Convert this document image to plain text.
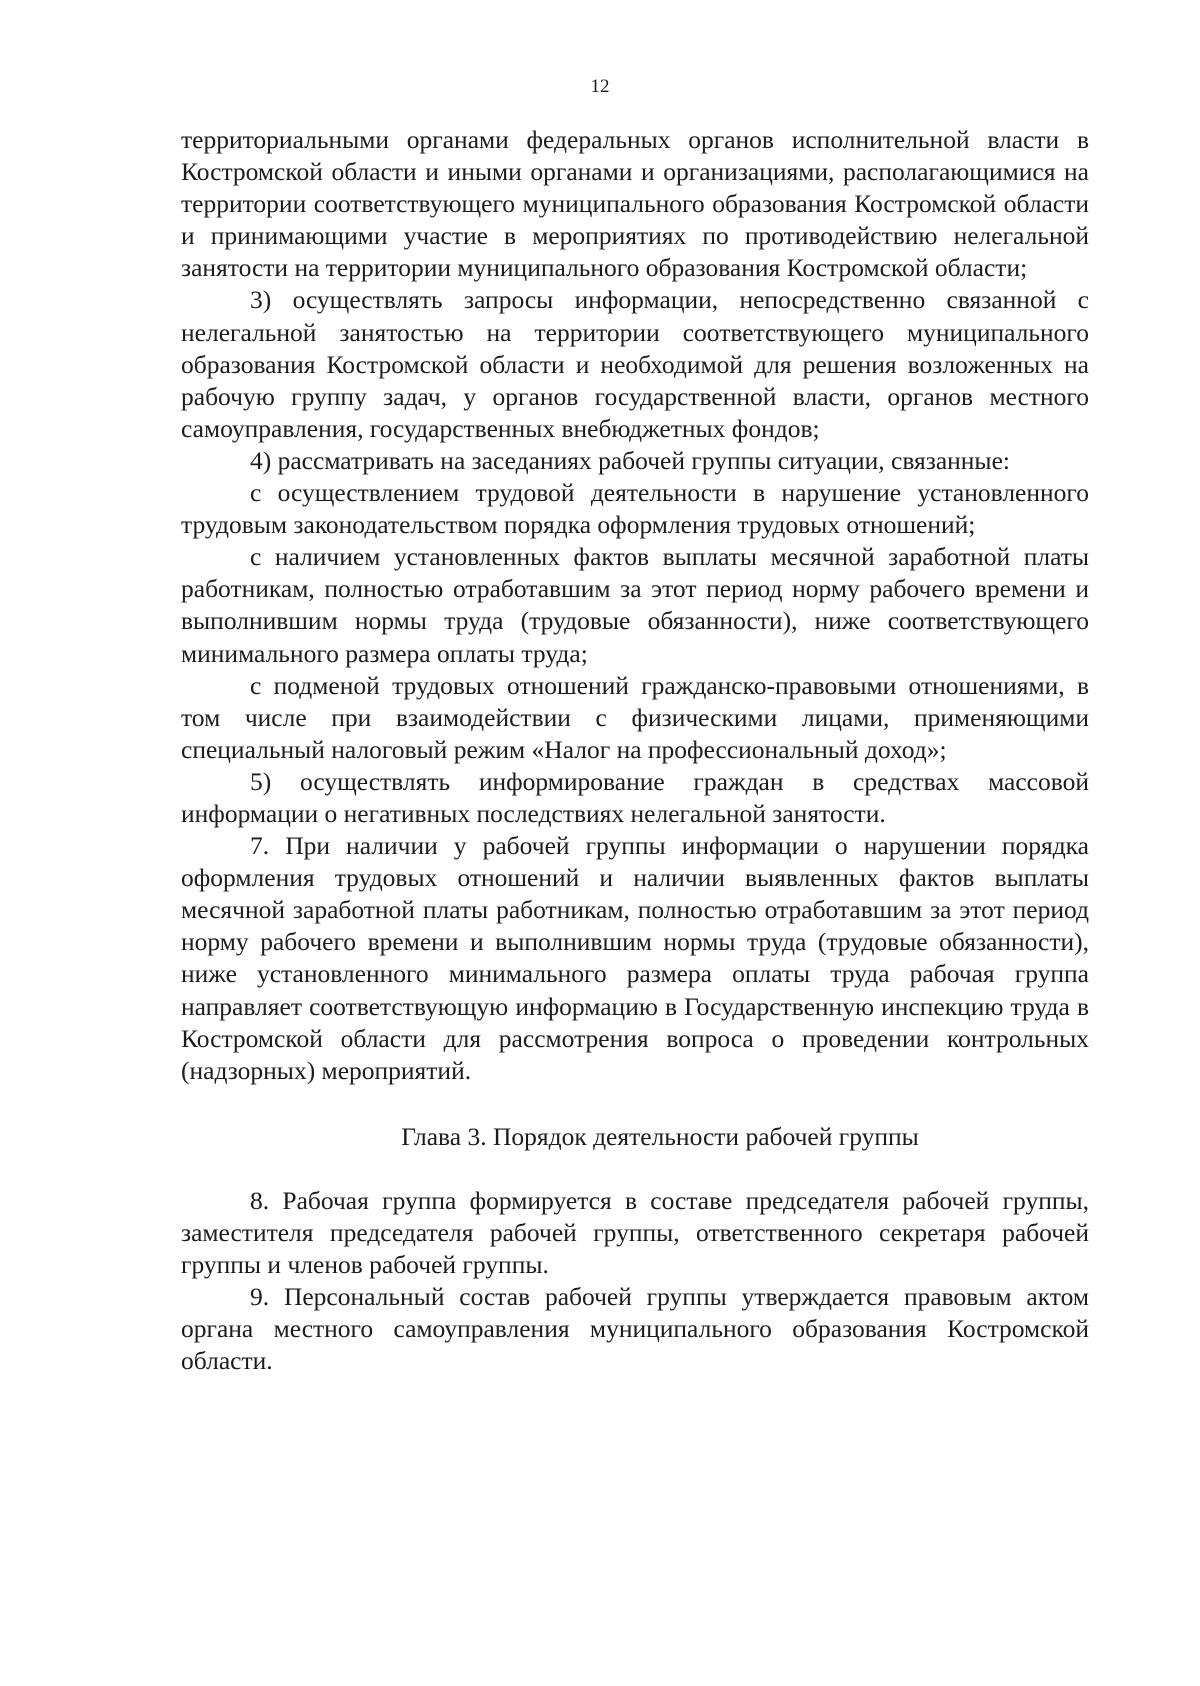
12

территориальными органами федеральных органов исполнительной власти в Костромской области и иными органами и организациями, располагающимися на территории соответствующего муниципального образования Костромской области и принимающими участие в мероприятиях по противодействию нелегальной занятости на территории муниципального образования Костромской области;

3) осуществлять запросы информации, непосредственно связанной с нелегальной занятостью на территории соответствующего муниципального образования Костромской области и необходимой для решения возложенных на рабочую группу задач, у органов государственной власти, органов местного самоуправления, государственных внебюджетных фондов;

4) рассматривать на заседаниях рабочей группы ситуации, связанные:

с осуществлением трудовой деятельности в нарушение установленного трудовым законодательством порядка оформления трудовых отношений;

с наличием установленных фактов выплаты месячной заработной платы работникам, полностью отработавшим за этот период норму рабочего времени и выполнившим нормы труда (трудовые обязанности), ниже соответствующего минимального размера оплаты труда;

с подменой трудовых отношений гражданско-правовыми отношениями, в том числе при взаимодействии с физическими лицами, применяющими специальный налоговый режим «Налог на профессиональный доход»;

5) осуществлять информирование граждан в средствах массовой информации о негативных последствиях нелегальной занятости.

7. При наличии у рабочей группы информации о нарушении порядка оформления трудовых отношений и наличии выявленных фактов выплаты месячной заработной платы работникам, полностью отработавшим за этот период норму рабочего времени и выполнившим нормы труда (трудовые обязанности), ниже установленного минимального размера оплаты труда рабочая группа направляет соответствующую информацию в Государственную инспекцию труда в Костромской области для рассмотрения вопроса о проведении контрольных (надзорных) мероприятий.

Глава 3. Порядок деятельности рабочей группы

8. Рабочая группа формируется в составе председателя рабочей группы, заместителя председателя рабочей группы, ответственного секретаря рабочей группы и членов рабочей группы.

9. Персональный состав рабочей группы утверждается правовым актом органа местного самоуправления муниципального образования Костромской области.
